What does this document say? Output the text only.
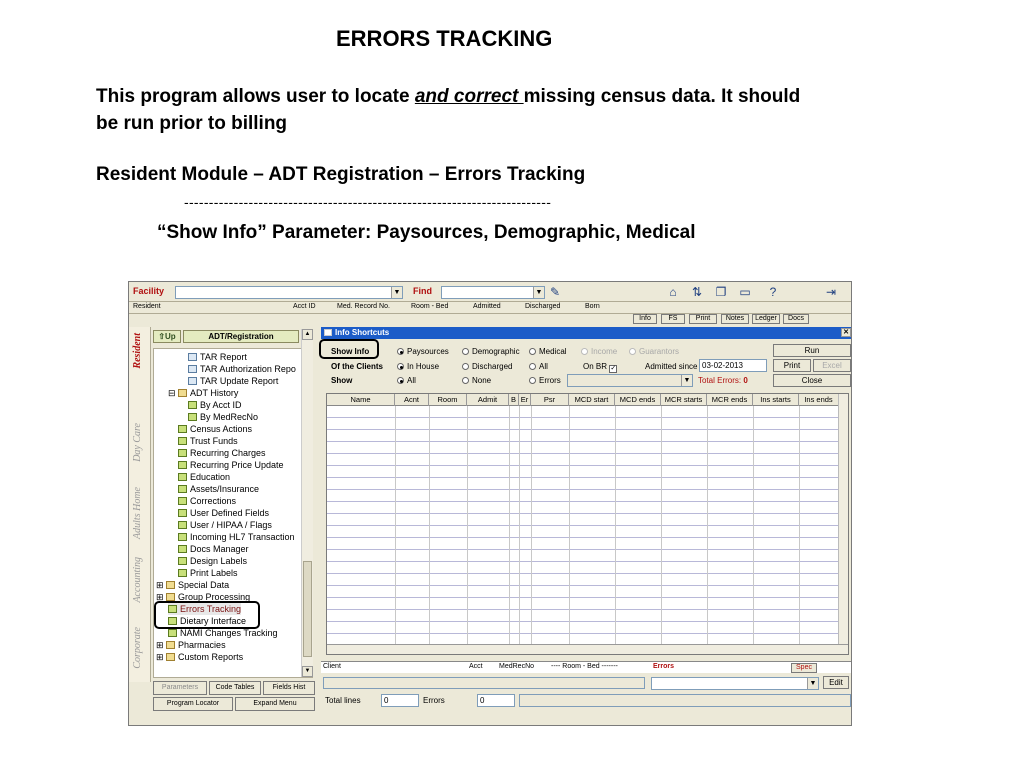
ERRORS TRACKING
This program allows user to locate and correct missing census data. It should be run prior to billing
Resident Module – ADT Registration – Errors Tracking
--------------------------------------------------------------------------
“Show Info” Parameter: Paysources, Demographic, Medical
Facility	▼ Find	▼ ✎	⌂	⇅ ❐ ▭	?	⇥
Resident	Acct ID	Med. Record No.	Room - Bed	Admitted	Discharged	Born
Info	FS	Print	Notes	Ledger	Docs
Resident
Day Care
Adults Home
Accounting
Corporate
⇧Up	ADT/Registration
TAR Report
TAR Authorization Repo
TAR Update Report
⊟ ADT History
By Acct ID
By MedRecNo
Census Actions
Trust Funds
Recurring Charges
Recurring Price Update
Education
Assets/Insurance
Corrections
User Defined Fields
User / HIPAA / Flags
Incoming HL7 Transaction
Docs Manager
Design Labels
Print Labels
⊞ Special Data
⊞ Group Processing
Errors Tracking
Dietary Interface
NAMI Changes Tracking
⊞ Pharmacies
⊞ Custom Reports
▲
▼
Parameters	Code Tables	Fields Hist
Program Locator	Expand Menu
Info Shortcuts	✕
Show Info
Of the Clients
Show
Paysources	Demographic	Medical	Income	Guarantors
In House	Discharged	All	On BR ✓	Admitted since 03-02-2013
All	None	Errors	▼ Total Errors: 0
Run
Print	Excel
Close
Name	Acnt	Room	Admit	B Er	Psr	MCD start	MCD ends	MCR starts	MCR ends	Ins starts	Ins ends
Client	Acct MedRecNo ---- Room - Bed -------	Errors	Spec
▼	Edit
Total lines	0	Errors	0
